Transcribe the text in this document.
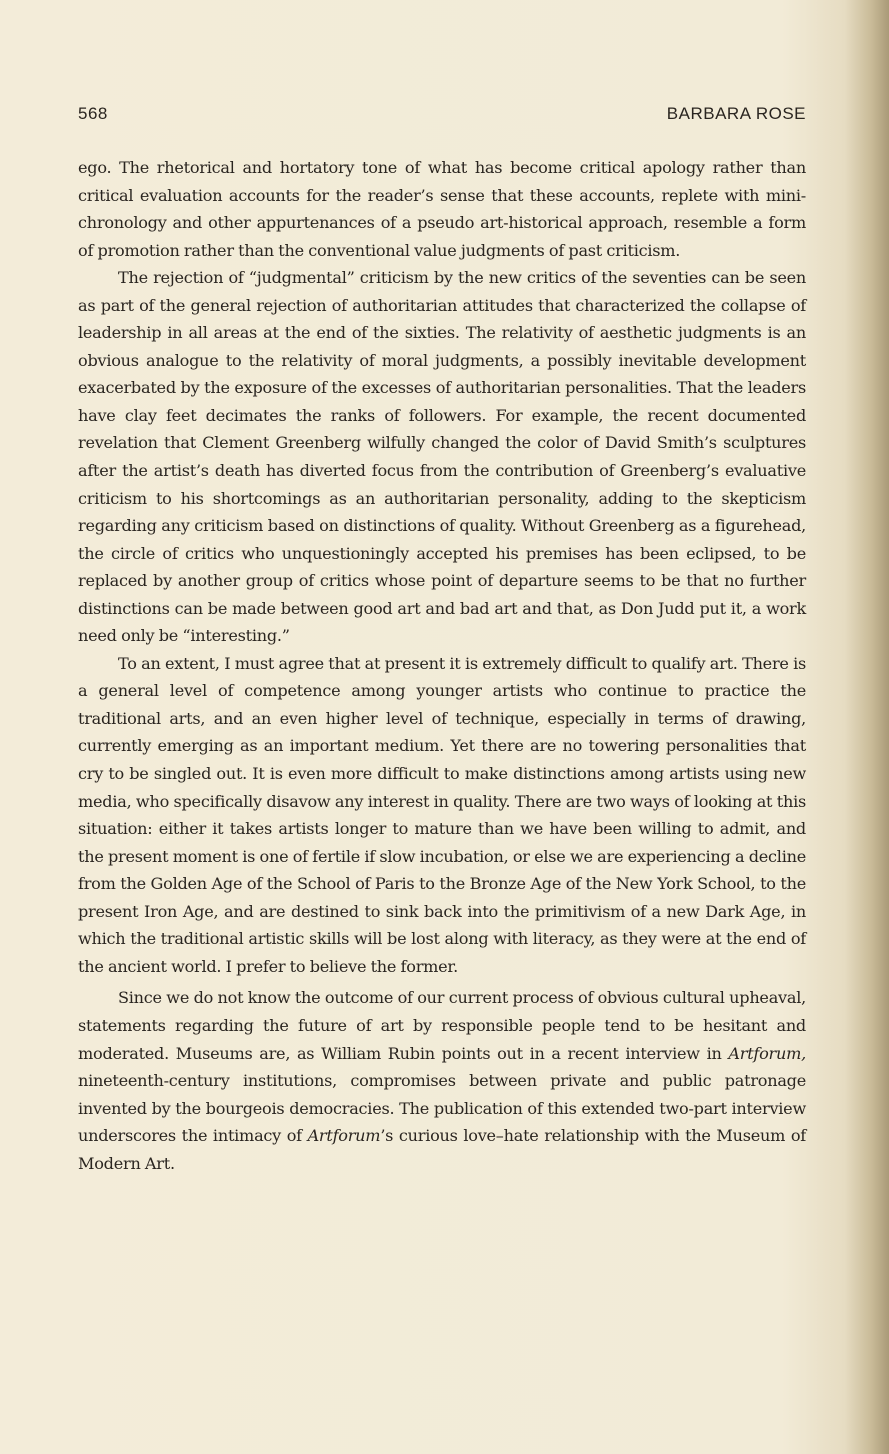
568	BARBARA ROSE

ego. The rhetorical and hortatory tone of what has become critical apology rather than critical evaluation accounts for the reader’s sense that these accounts, replete with mini-chronology and other appurtenances of a pseudo art-historical approach, resemble a form of promotion rather than the conventional value judgments of past criticism.

The rejection of “judgmental” criticism by the new critics of the seventies can be seen as part of the general rejection of authoritarian attitudes that characterized the collapse of leadership in all areas at the end of the sixties. The relativity of aesthetic judgments is an obvious analogue to the relativity of moral judgments, a possibly inevitable development exacerbated by the exposure of the excesses of authoritarian personalities. That the leaders have clay feet decimates the ranks of followers. For example, the recent documented revelation that Clement Greenberg wilfully changed the color of David Smith’s sculptures after the artist’s death has diverted focus from the contribution of Greenberg’s evaluative criticism to his shortcomings as an authoritarian personality, adding to the skepticism regarding any criticism based on distinctions of quality. Without Greenberg as a figurehead, the circle of critics who unquestioningly accepted his premises has been eclipsed, to be replaced by another group of critics whose point of departure seems to be that no further distinctions can be made between good art and bad art and that, as Don Judd put it, a work need only be “interesting.”

To an extent, I must agree that at present it is extremely difficult to qualify art. There is a general level of competence among younger artists who continue to practice the traditional arts, and an even higher level of technique, especially in terms of drawing, currently emerging as an important medium. Yet there are no towering personalities that cry to be singled out. It is even more difficult to make distinctions among artists using new media, who specifically disavow any interest in quality. There are two ways of looking at this situation: either it takes artists longer to mature than we have been willing to admit, and the present moment is one of fertile if slow incubation, or else we are experiencing a decline from the Golden Age of the School of Paris to the Bronze Age of the New York School, to the present Iron Age, and are destined to sink back into the primitivism of a new Dark Age, in which the traditional artistic skills will be lost along with literacy, as they were at the end of the ancient world. I prefer to believe the former.

Since we do not know the outcome of our current process of obvious cultural upheaval, statements regarding the future of art by responsible people tend to be hesitant and moderated. Museums are, as William Rubin points out in a recent interview in Artforum, nineteenth-century institutions, compromises between private and public patronage invented by the bourgeois democracies. The publication of this extended two-part interview underscores the intimacy of Artforum’s curious love–hate relationship with the Museum of Modern Art.
